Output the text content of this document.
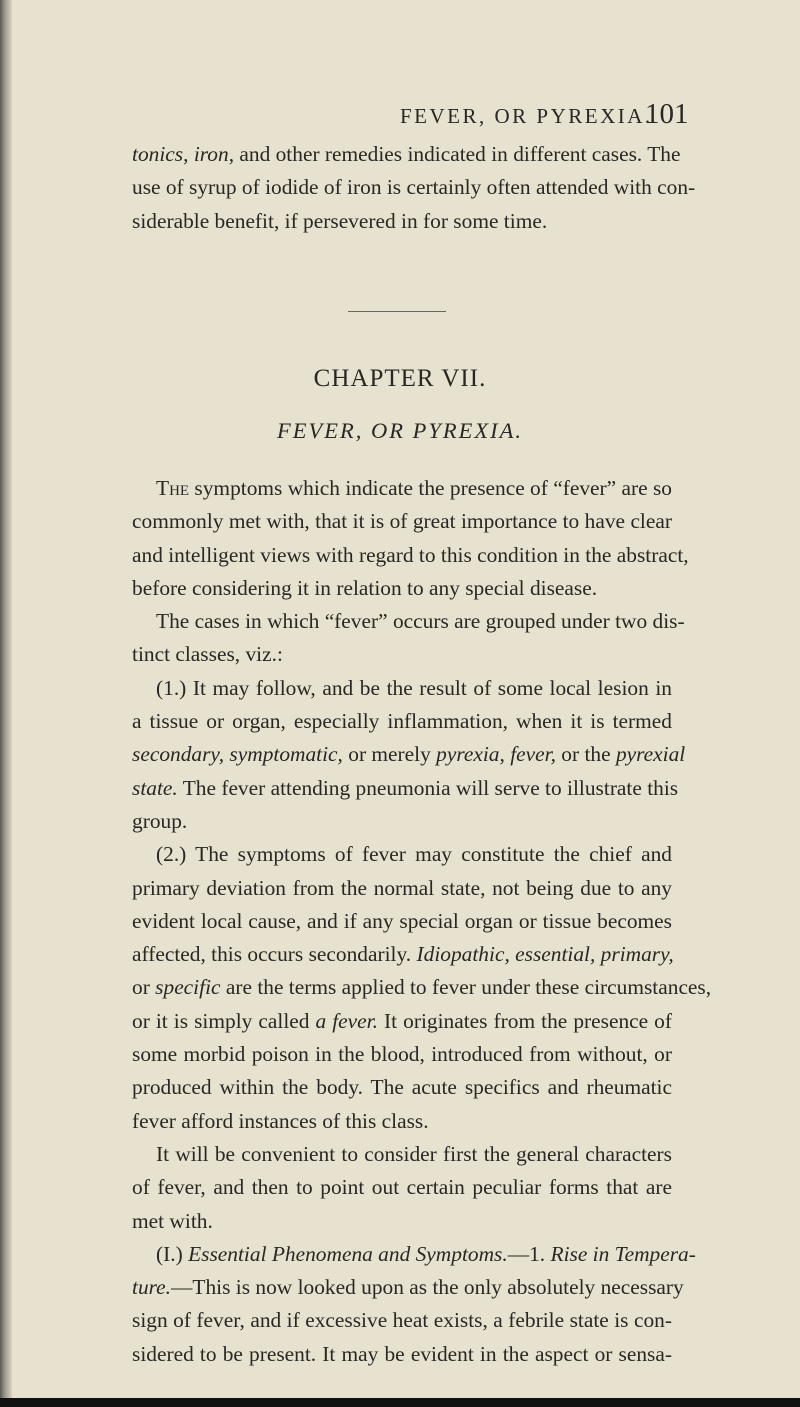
FEVER, OR PYREXIA.
101
tonics, iron, and other remedies indicated in different cases. The
use of syrup of iodide of iron is certainly often attended with con-
siderable benefit, if persevered in for some time.
CHAPTER VII.
FEVER, OR PYREXIA.
The symptoms which indicate the presence of “fever” are so
commonly met with, that it is of great importance to have clear
and intelligent views with regard to this condition in the abstract,
before considering it in relation to any special disease.
The cases in which “fever” occurs are grouped under two dis-
tinct classes, viz.:
(1.) It may follow, and be the result of some local lesion in
a tissue or organ, especially inflammation, when it is termed
secondary, symptomatic, or merely pyrexia, fever, or the pyrexial
state. The fever attending pneumonia will serve to illustrate this
group.
(2.) The symptoms of fever may constitute the chief and
primary deviation from the normal state, not being due to any
evident local cause, and if any special organ or tissue becomes
affected, this occurs secondarily. Idiopathic, essential, primary,
or specific are the terms applied to fever under these circumstances,
or it is simply called a fever. It originates from the presence of
some morbid poison in the blood, introduced from without, or
produced within the body. The acute specifics and rheumatic
fever afford instances of this class.
It will be convenient to consider first the general characters
of fever, and then to point out certain peculiar forms that are
met with.
(I.) Essential Phenomena and Symptoms.—1. Rise in Tempera-
ture.—This is now looked upon as the only absolutely necessary
sign of fever, and if excessive heat exists, a febrile state is con-
sidered to be present. It may be evident in the aspect or sensa-
